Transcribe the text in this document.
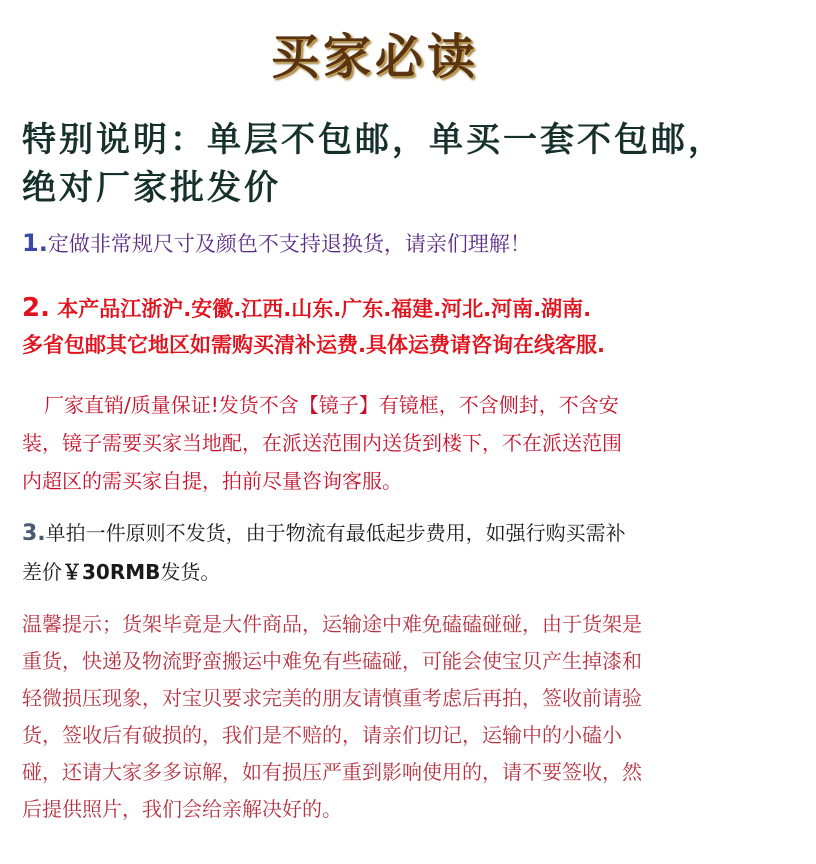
买家必读
特别说明：单层不包邮，单买一套不包邮，
绝对厂家批发价
1.定做非常规尺寸及颜色不支持退换货，请亲们理解！
2. 本产品江浙沪.安徽.江西.山东.广东.福建.河北.河南.湖南.
多省包邮其它地区如需购买清补运费.具体运费请咨询在线客服.
厂家直销/质量保证!发货不含【镜子】有镜框，不含侧封，不含安
装，镜子需要买家当地配，在派送范围内送货到楼下，不在派送范围
内超区的需买家自提，拍前尽量咨询客服。
3.单拍一件原则不发货，由于物流有最低起步费用，如强行购买需补
差价￥30RMB发货。
温馨提示；货架毕竟是大件商品，运输途中难免磕磕碰碰，由于货架是
重货，快递及物流野蛮搬运中难免有些磕碰，可能会使宝贝产生掉漆和
轻微损压现象，对宝贝要求完美的朋友请慎重考虑后再拍，签收前请验
货，签收后有破损的，我们是不赔的，请亲们切记，运输中的小磕小
碰，还请大家多多谅解，如有损压严重到影响使用的，请不要签收，然
后提供照片，我们会给亲解决好的。
